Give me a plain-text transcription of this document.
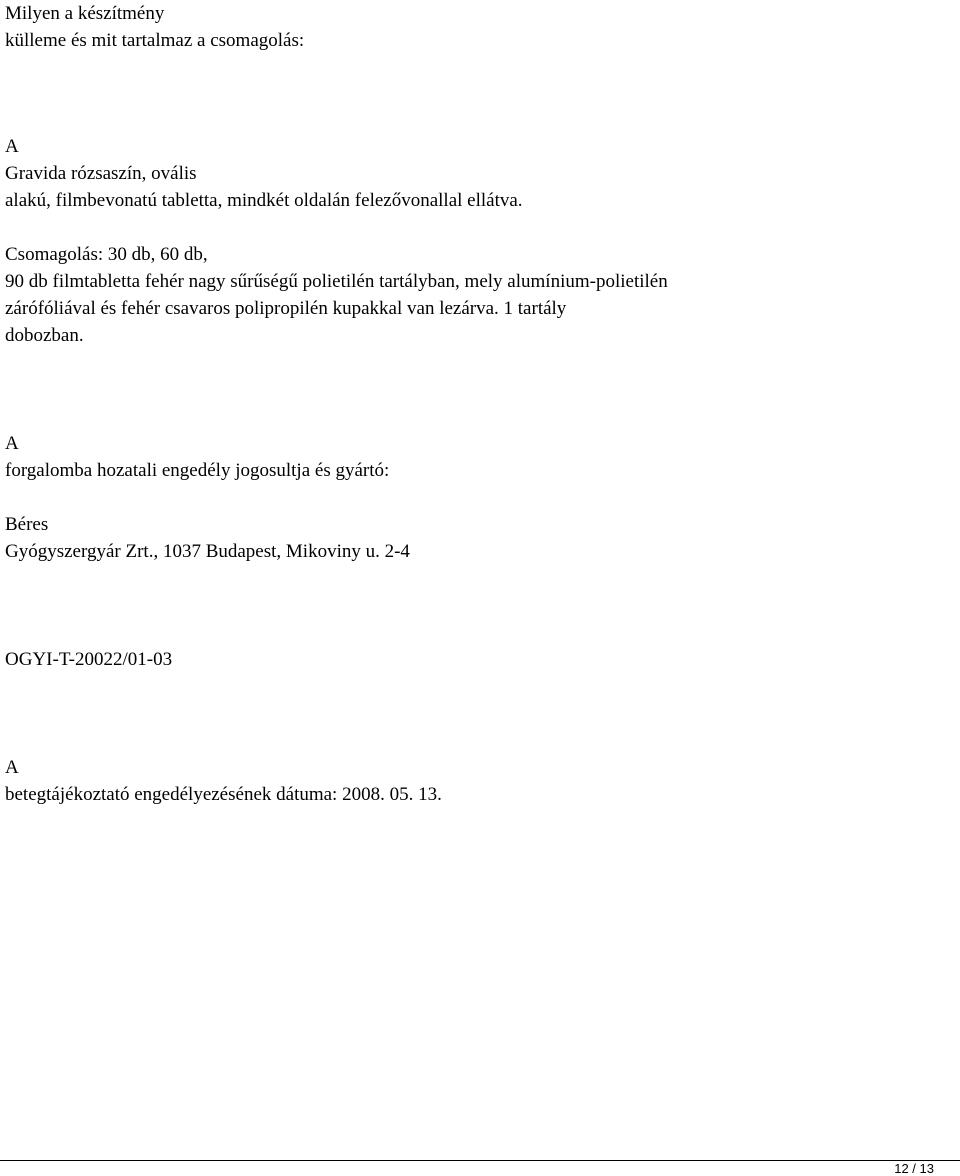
Milyen a készítmény
külleme és mit tartalmaz a csomagolás:
A
Gravida rózsaszín, ovális
alakú, filmbevonatú tabletta, mindkét oldalán felezővonallal ellátva.
Csomagolás: 30 db, 60 db,
90 db filmtabletta fehér nagy sűrűségű polietilén tartályban, mely alumínium-polietilén
zárófóliával és fehér csavaros polipropilén kupakkal van lezárva. 1 tartály
dobozban.
A
forgalomba hozatali engedély jogosultja és gyártó:
Béres
Gyógyszergyár Zrt., 1037 Budapest, Mikoviny u. 2-4
OGYI-T-20022/01-03
A
betegtájékoztató engedélyezésének dátuma: 2008. 05. 13.
12 / 13
